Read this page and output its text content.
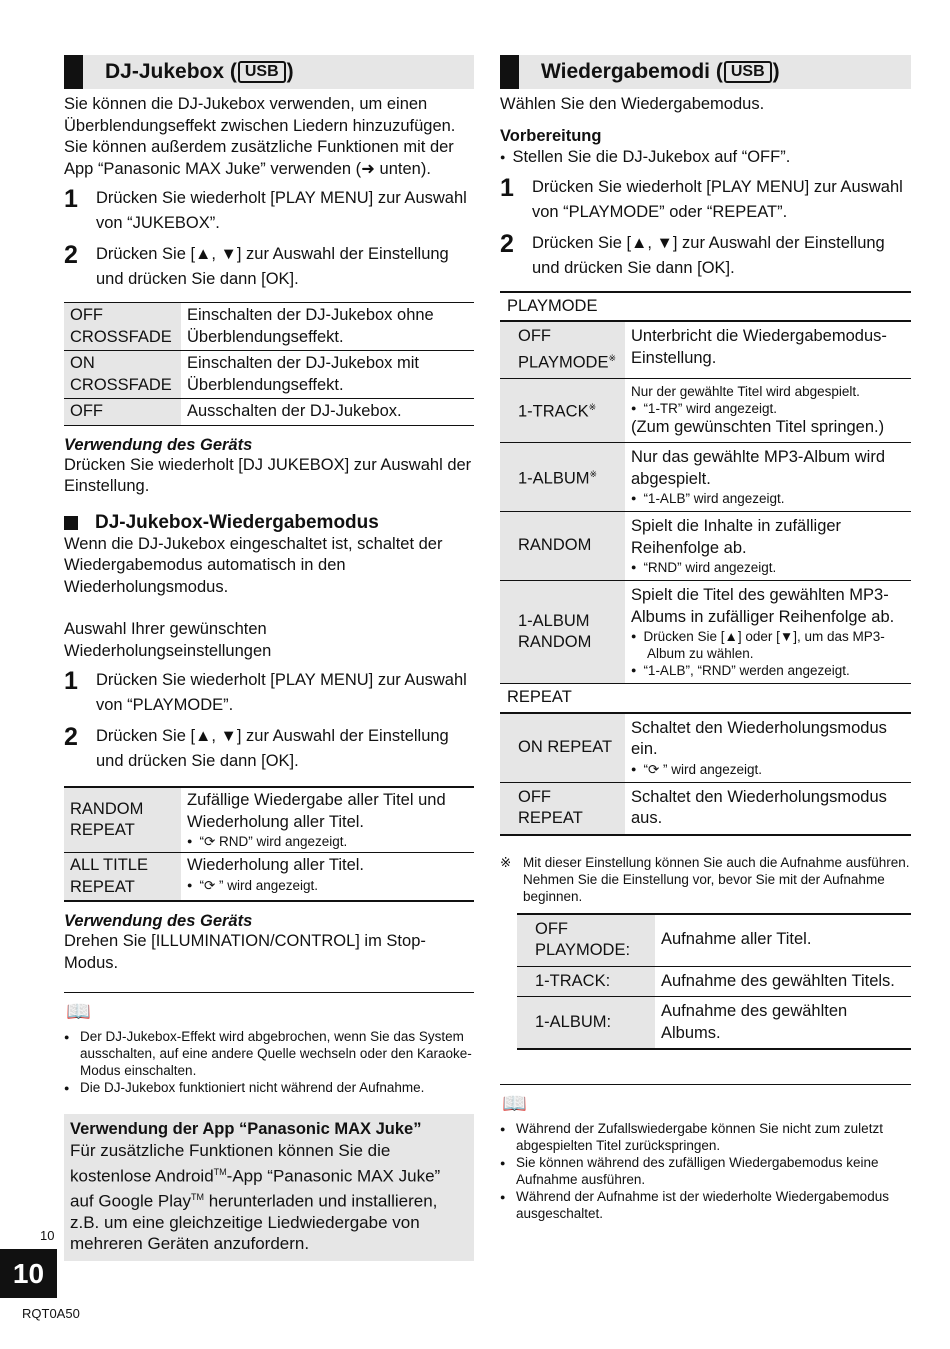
DJ-Jukebox ( USB )

Sie können die DJ-Jukebox verwenden, um einen Überblendungseffekt zwischen Liedern hinzuzufügen. Sie können außerdem zusätzliche Funktionen mit der App “Panasonic MAX Juke” verwenden (➜ unten).

1	Drücken Sie wiederholt [PLAY MENU] zur Auswahl von “JUKEBOX”.
2	Drücken Sie [▲, ▼] zur Auswahl der Einstellung und drücken Sie dann [OK].
OFF CROSSFADE	Einschalten der DJ-Jukebox ohne Überblendungseffekt.
ON CROSSFADE	Einschalten der DJ-Jukebox mit Überblendungseffekt.
OFF	Ausschalten der DJ-Jukebox.
Verwendung des Geräts

Drücken Sie wiederholt [DJ JUKEBOX] zur Auswahl der Einstellung.

DJ-Jukebox-Wiedergabemodus

Wenn die DJ-Jukebox eingeschaltet ist, schaltet der Wiedergabemodus automatisch in den Wiederholungsmodus.

Auswahl Ihrer gewünschten Wiederholungseinstellungen

1	Drücken Sie wiederholt [PLAY MENU] zur Auswahl von “PLAYMODE”.
2	Drücken Sie [▲, ▼] zur Auswahl der Einstellung und drücken Sie dann [OK].
RANDOM REPEAT	Zufällige Wiedergabe aller Titel und Wiederholung aller Titel.
● “⟳ RND” wird angezeigt.

ALL TITLE REPEAT	Wiederholung aller Titel.
● “⟳ ” wird angezeigt.
Verwendung des Geräts

Drehen Sie [ILLUMINATION/CONTROL] im Stop-Modus.

📖
● Der DJ-Jukebox-Effekt wird abgebrochen, wenn Sie das System ausschalten, auf eine andere Quelle wechseln oder den Karaoke-Modus einschalten.
● Die DJ-Jukebox funktioniert nicht während der Aufnahme.
Verwendung der App “Panasonic MAX Juke”

Für zusätzliche Funktionen können Sie die kostenlose Android™-App “Panasonic MAX Juke” auf Google Play™ herunterladen und installieren, z.B. um eine gleichzeitige Liedwiedergabe von mehreren Geräten anzufordern.

Wiedergabemodi ( USB )

Wählen Sie den Wiedergabemodus.

Vorbereitung

● Stellen Sie die DJ-Jukebox auf “OFF”.

1	Drücken Sie wiederholt [PLAY MENU] zur Auswahl von “PLAYMODE” oder “REPEAT”.
2	Drücken Sie [▲, ▼] zur Auswahl der Einstellung und drücken Sie dann [OK].
PLAYMODE	
OFF PLAYMODE※	Unterbricht die Wiedergabemodus-Einstellung.
1-TRACK※	Nur der gewählte Titel wird abgespielt.
● “1-TR” wird angezeigt.
(Zum gewünschten Titel springen.)

1-ALBUM※	Nur das gewählte MP3-Album wird abgespielt.
● “1-ALB” wird angezeigt.

RANDOM	Spielt die Inhalte in zufälliger Reihenfolge ab.
● “RND” wird angezeigt.

1-ALBUM RANDOM	Spielt die Titel des gewählten MP3-Albums in zufälliger Reihenfolge ab.
● Drücken Sie [▲] oder [▼], um das MP3-Album zu wählen.
● “1-ALB”, “RND” werden angezeigt.

REPEAT	
ON REPEAT	Schaltet den Wiederholungsmodus ein.
● “⟳ ” wird angezeigt.

OFF REPEAT	Schaltet den Wiederholungsmodus aus.
※ Mit dieser Einstellung können Sie auch die Aufnahme ausführen. Nehmen Sie die Einstellung vor, bevor Sie mit der Aufnahme beginnen.
OFF PLAYMODE:	Aufnahme aller Titel.
1-TRACK:	Aufnahme des gewählten Titels.
1-ALBUM:	Aufnahme des gewählten Albums.
📖
● Während der Zufallswiedergabe können Sie nicht zum zuletzt abgespielten Titel zurückspringen.
● Sie können während des zufälligen Wiedergabemodus keine Aufnahme ausführen.
● Während der Aufnahme ist der wiederholte Wiedergabemodus ausgeschaltet.
10
10
RQT0A50
